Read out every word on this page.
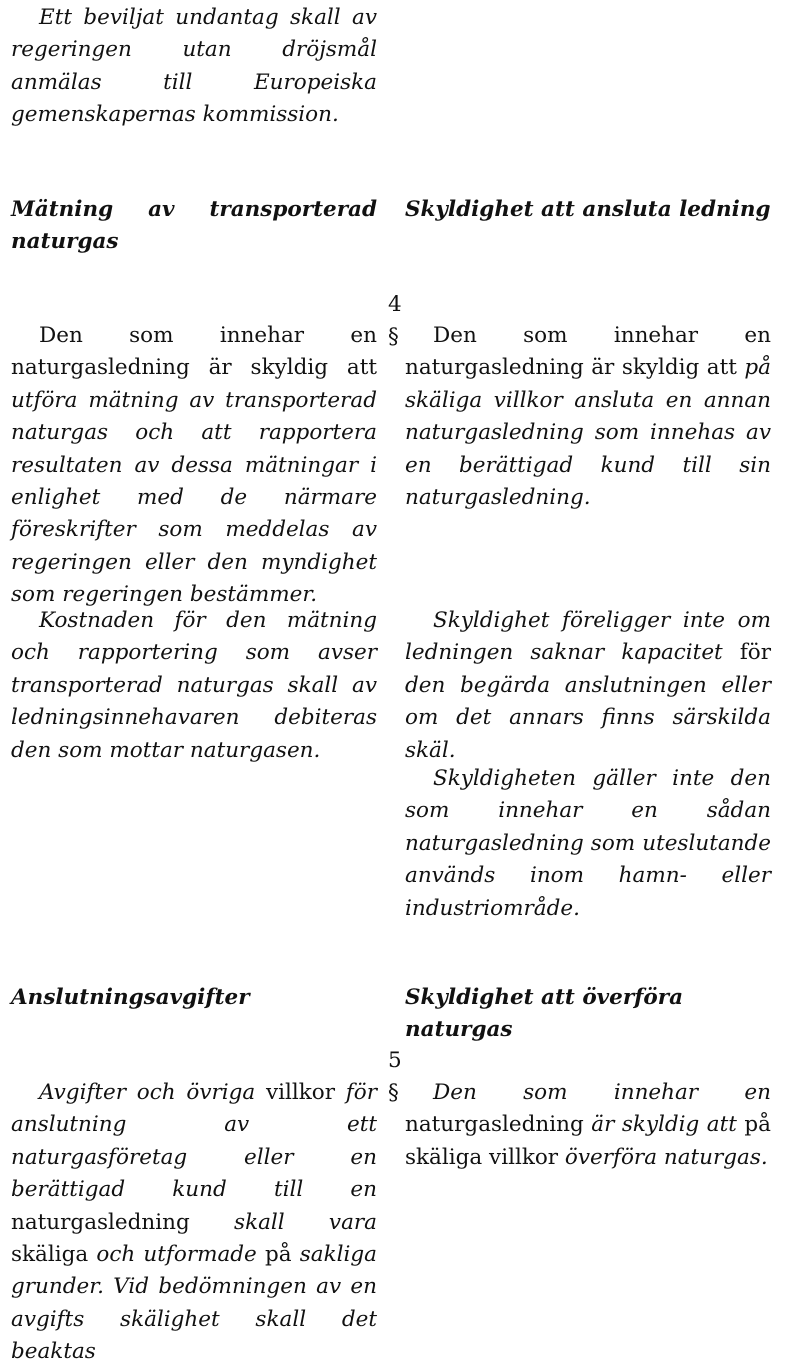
Ett beviljat undantag skall av regeringen utan dröjsmål anmälas till Europeiska gemenskapernas kommission.

Mätning av transporterad naturgas
Skyldighet att ansluta ledning
4 §

Den som innehar en naturgasledning är skyldig att utföra mätning av transporterad naturgas och att rapportera resultaten av dessa mätningar i enlighet med de närmare föreskrifter som meddelas av regeringen eller den myndighet som regeringen bestämmer.

Kostnaden för den mätning och rapportering som avser transporterad naturgas skall av ledningsinnehavaren debiteras den som mottar naturgasen.

Den som innehar en naturgasledning är skyldig att på skäliga villkor ansluta en annan naturgasledning som innehas av en berättigad kund till sin naturgasledning.

Skyldighet föreligger inte om ledningen saknar kapacitet för den begärda anslutningen eller om det annars finns särskilda skäl.

Skyldigheten gäller inte den som innehar en sådan naturgasledning som uteslutande används inom hamn- eller industriområde.

Anslutningsavgifter	Skyldighet att överföra naturgas
5 §

Avgifter och övriga villkor för anslutning av ett naturgasföretag eller en berättigad kund till en naturgasledning skall vara skäliga och utformade på sakliga grunder. Vid bedömningen av en avgifts skälighet skall det beaktas

Den som innehar en naturgasledning är skyldig att på skäliga villkor överföra naturgas.
